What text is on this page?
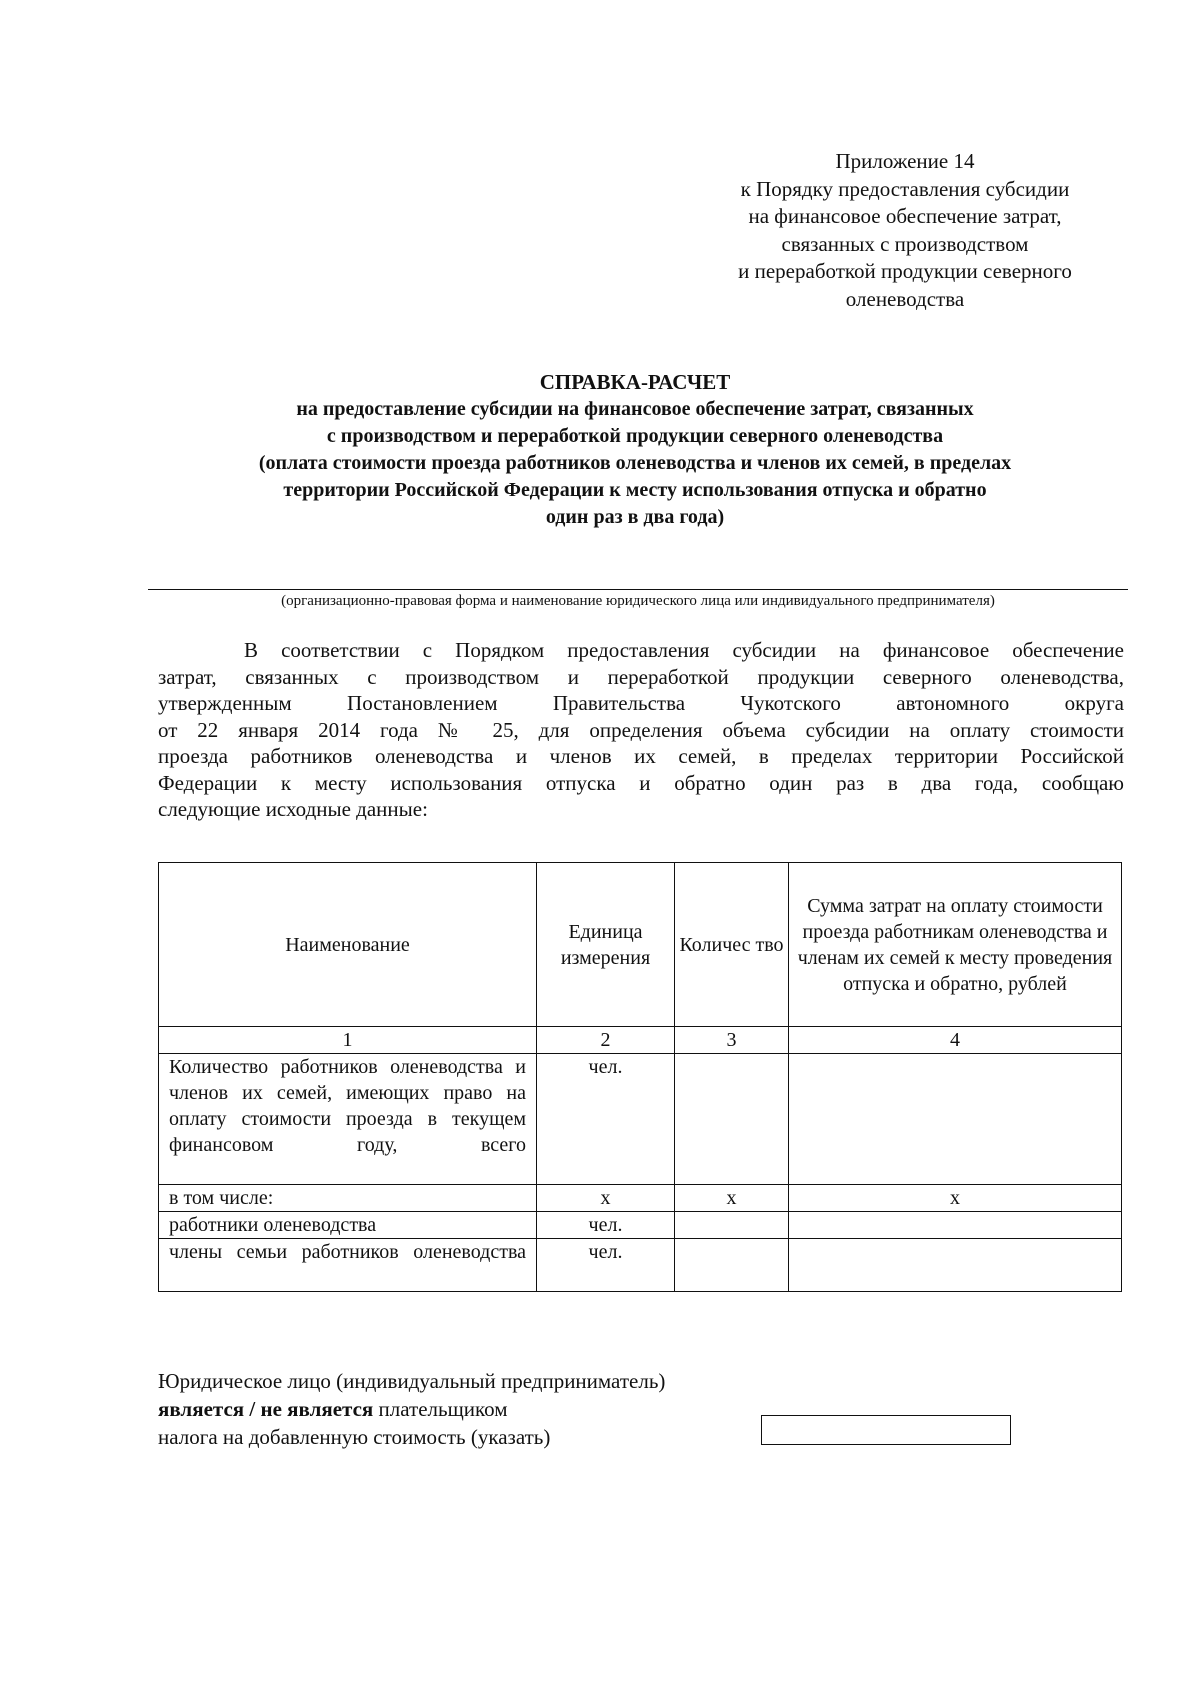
Приложение 14
к Порядку предоставления субсидии
на финансовое обеспечение затрат,
связанных с производством
и переработкой продукции северного
оленеводства
СПРАВКА-РАСЧЕТ
на предоставление субсидии на финансовое обеспечение затрат, связанных
с производством и переработкой продукции северного оленеводства
(оплата стоимости проезда работников оленеводства и членов их семей, в пределах
территории Российской Федерации к месту использования отпуска и обратно
один раз в два года)
(организационно-правовая форма и наименование юридического лица или индивидуального предпринимателя)
В соответствии с Порядком предоставления субсидии на финансовое обеспечение
затрат, связанных с производством и переработкой продукции северного оленеводства,
утвержденным Постановлением Правительства Чукотского автономного округа
от 22 января 2014 года № 25, для определения объема субсидии на оплату стоимости
проезда работников оленеводства и членов их семей, в пределах территории Российской
Федерации к месту использования отпуска и обратно один раз в два года, сообщаю
следующие исходные данные:
Наименование	Единица измерения	Количес тво	Сумма затрат на оплату стоимости проезда работникам оленеводства и членам их семей к месту проведения отпуска и обратно, рублей
1	2	3	4
Количество работников оленеводства и членов их семей, имеющих право на оплату стоимости проезда в текущем финансовом году, всего	чел.		
в том числе:	х	х	х
работники оленеводства	чел.		
члены семьи работников оленеводства	чел.		
Юридическое лицо (индивидуальный предприниматель)
является / не является плательщиком
налога на добавленную стоимость (указать)
